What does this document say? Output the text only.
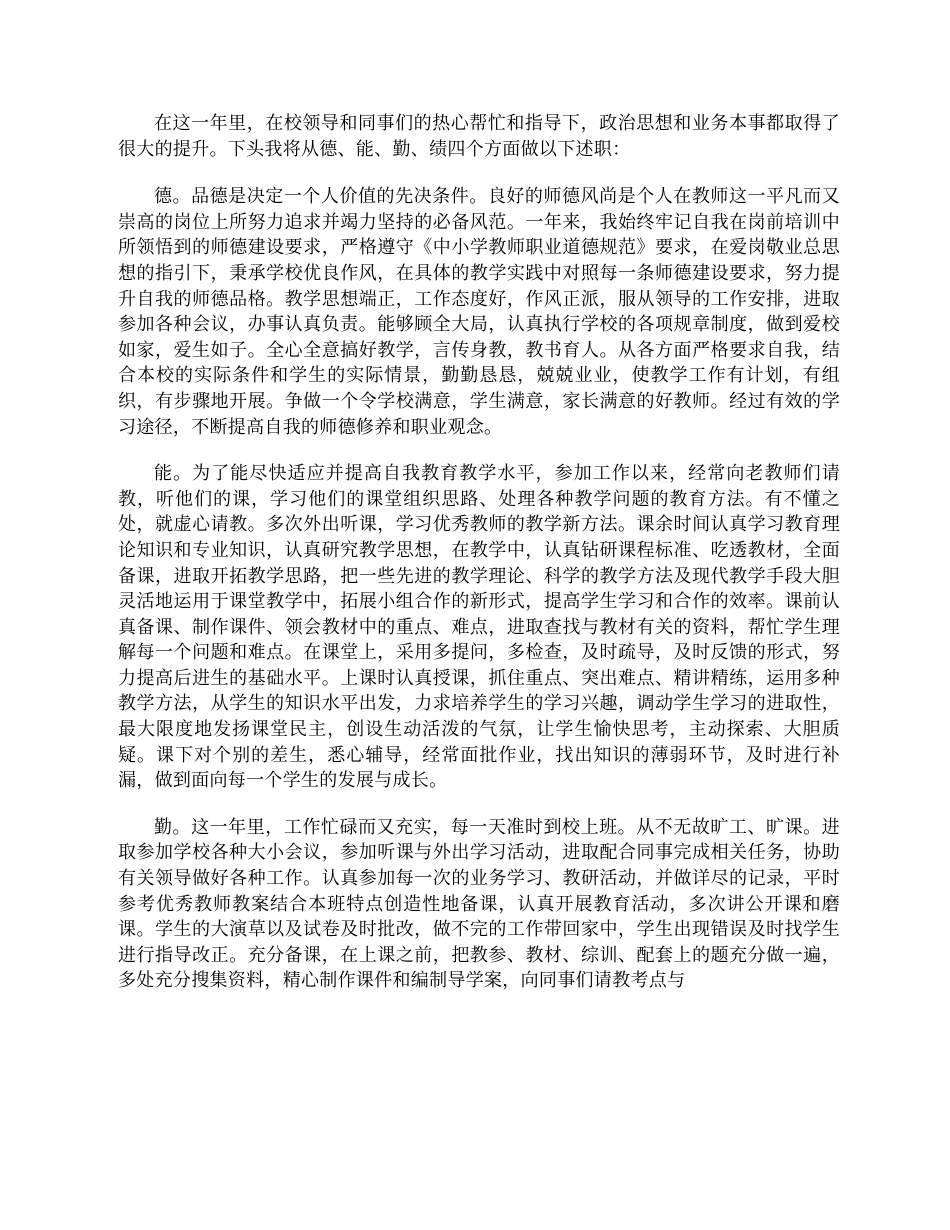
在这一年里，在校领导和同事们的热心帮忙和指导下，政治思想和业务本事都取得了很大的提升。下头我将从德、能、勤、绩四个方面做以下述职：

德。品德是决定一个人价值的先决条件。良好的师德风尚是个人在教师这一平凡而又崇高的岗位上所努力追求并竭力坚持的必备风范。一年来，我始终牢记自我在岗前培训中所领悟到的师德建设要求，严格遵守《中小学教师职业道德规范》要求，在爱岗敬业总思想的指引下，秉承学校优良作风，在具体的教学实践中对照每一条师德建设要求，努力提升自我的师德品格。教学思想端正，工作态度好，作风正派，服从领导的工作安排，进取参加各种会议，办事认真负责。能够顾全大局，认真执行学校的各项规章制度，做到爱校如家，爱生如子。全心全意搞好教学，言传身教，教书育人。从各方面严格要求自我，结合本校的实际条件和学生的实际情景，勤勤恳恳，兢兢业业，使教学工作有计划，有组织，有步骤地开展。争做一个令学校满意，学生满意，家长满意的好教师。经过有效的学习途径，不断提高自我的师德修养和职业观念。

能。为了能尽快适应并提高自我教育教学水平，参加工作以来，经常向老教师们请教，听他们的课，学习他们的课堂组织思路、处理各种教学问题的教育方法。有不懂之处，就虚心请教。多次外出听课，学习优秀教师的教学新方法。课余时间认真学习教育理论知识和专业知识，认真研究教学思想，在教学中，认真钻研课程标准、吃透教材，全面备课，进取开拓教学思路，把一些先进的教学理论、科学的教学方法及现代教学手段大胆灵活地运用于课堂教学中，拓展小组合作的新形式，提高学生学习和合作的效率。课前认真备课、制作课件、领会教材中的重点、难点，进取查找与教材有关的资料，帮忙学生理解每一个问题和难点。在课堂上，采用多提问，多检查，及时疏导，及时反馈的形式，努力提高后进生的基础水平。上课时认真授课，抓住重点、突出难点、精讲精练，运用多种教学方法，从学生的知识水平出发，力求培养学生的学习兴趣，调动学生学习的进取性，最大限度地发扬课堂民主，创设生动活泼的气氛，让学生愉快思考，主动探索、大胆质疑。课下对个别的差生，悉心辅导，经常面批作业，找出知识的薄弱环节，及时进行补漏，做到面向每一个学生的发展与成长。

勤。这一年里，工作忙碌而又充实，每一天准时到校上班。从不无故旷工、旷课。进取参加学校各种大小会议，参加听课与外出学习活动，进取配合同事完成相关任务，协助有关领导做好各种工作。认真参加每一次的业务学习、教研活动，并做详尽的记录，平时参考优秀教师教案结合本班特点创造性地备课，认真开展教育活动，多次讲公开课和磨课。学生的大演草以及试卷及时批改，做不完的工作带回家中，学生出现错误及时找学生进行指导改正。充分备课，在上课之前，把教参、教材、综训、配套上的题充分做一遍，多处充分搜集资料，精心制作课件和编制导学案，向同事们请教考点与
